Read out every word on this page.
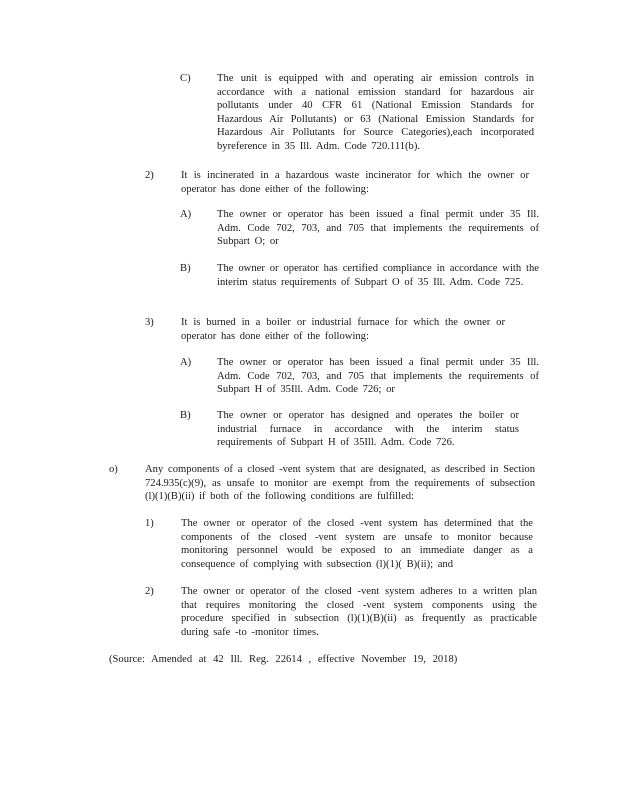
C) The unit is equipped with and operating air emission controls in accordance with a national emission standard for hazardous air pollutants under 40 CFR 61 (National Emission Standards for Hazardous Air Pollutants) or 63 (National Emission Standards for Hazardous Air Pollutants for Source Categories),each incorporated byreference in 35 Ill. Adm. Code 720.111(b).

2)	It is incinerated in a hazardous waste incinerator for which the owner or operator has done either of the following:

A) The owner or operator has been issued a final permit under 35 Ill. Adm. Code 702, 703, and 705 that implements the requirements of Subpart O; or

B) The owner or operator has certified compliance in accordance with the interim status requirements of Subpart O of 35 Ill. Adm. Code 725.

3)	It is burned in a boiler or industrial furnace for which the owner or operator has done either of the following:

A) The owner or operator has been issued a final permit under 35 Ill. Adm. Code 702, 703, and 705 that implements the requirements of Subpart H of 35Ill. Adm. Code 726; or

B) The owner or operator has designed and operates the boiler or industrial furnace in accordance with the interim status requirements of Subpart H of 35Ill. Adm. Code 726.

o)	Any components of a closed -vent system that are designated, as described in Section 724.935(c)(9), as unsafe to monitor are exempt from the requirements of subsection (l)(1)(B)(ii) if both of the following conditions are fulfilled:

1)	The owner or operator of the closed -vent system has determined that the components of the closed -vent system are unsafe to monitor because monitoring personnel would be exposed to an immediate danger as a consequence of complying with subsection (l)(1)( B)(ii); and

2)	The owner or operator of the closed -vent system adheres to a written plan that requires monitoring the closed -vent system components using the procedure specified in subsection (l)(1)(B)(ii) as frequently as practicable during safe -to -monitor times.

(Source: Amended at 42 Ill. Reg. 22614 , effective November 19, 2018)
